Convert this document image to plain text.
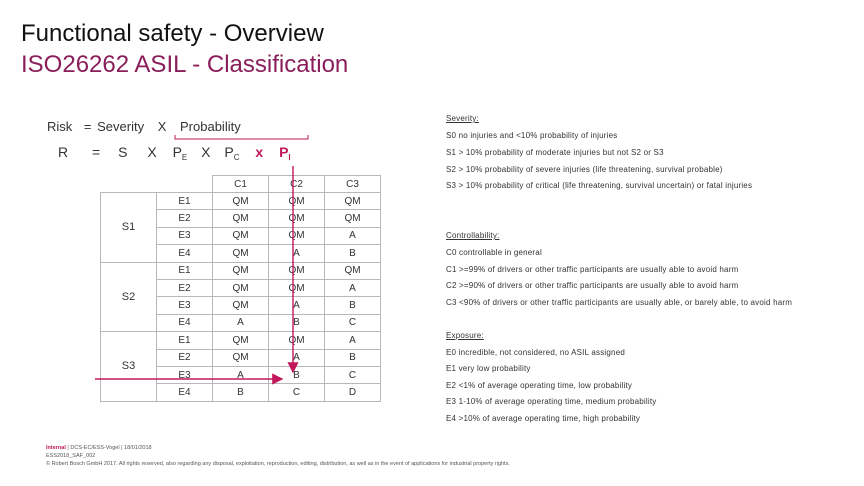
Functional safety - Overview
ISO26262 ASIL - Classification
Risk = Severity X Probability
R = S X $P_E$ X $P_C$ x $P_I$
		C1	C2	C3
S1	E1	QM	QM	QM
	E2	QM	QM	QM
	E3	QM	QM	A
	E4	QM	A	B
S2	E1	QM	QM	QM
	E2	QM	QM	A
	E3	QM	A	B
	E4	A	B	C
S3	E1	QM	QM	A
	E2	QM	A	B
	E3	A	B	C
	E4	B	C	D
Severity:
S0 no injuries and <10% probability of injuries
S1 > 10% probability of moderate injuries but not S2 or S3
S2 > 10% probability of severe injuries (life threatening, survival probable)
S3 > 10% probability of critical (life threatening, survival uncertain) or fatal injuries
Controllability:
C0 controllable in general
C1 >=99% of drivers or other traffic participants are usually able to avoid harm
C2 >=90% of drivers or other traffic participants are usually able to avoid harm
C3 <90% of drivers or other traffic participants are usually able, or barely able, to avoid harm
Exposure:
E0 incredible, not considered, no ASIL assigned
E1 very low probability
E2 <1% of average operating time, low probability
E3 1-10% of average operating time, medium probability
E4 >10% of average operating time, high probability
Internal | DCS-EC/ESS-Vogel | 18/01/2018
ESS2018_SAF_002
© Robert Bosch GmbH 2017. All rights reserved, also regarding any disposal, exploitation, reproduction, editing, distribution, as well as in the event of applications for industrial property rights.
